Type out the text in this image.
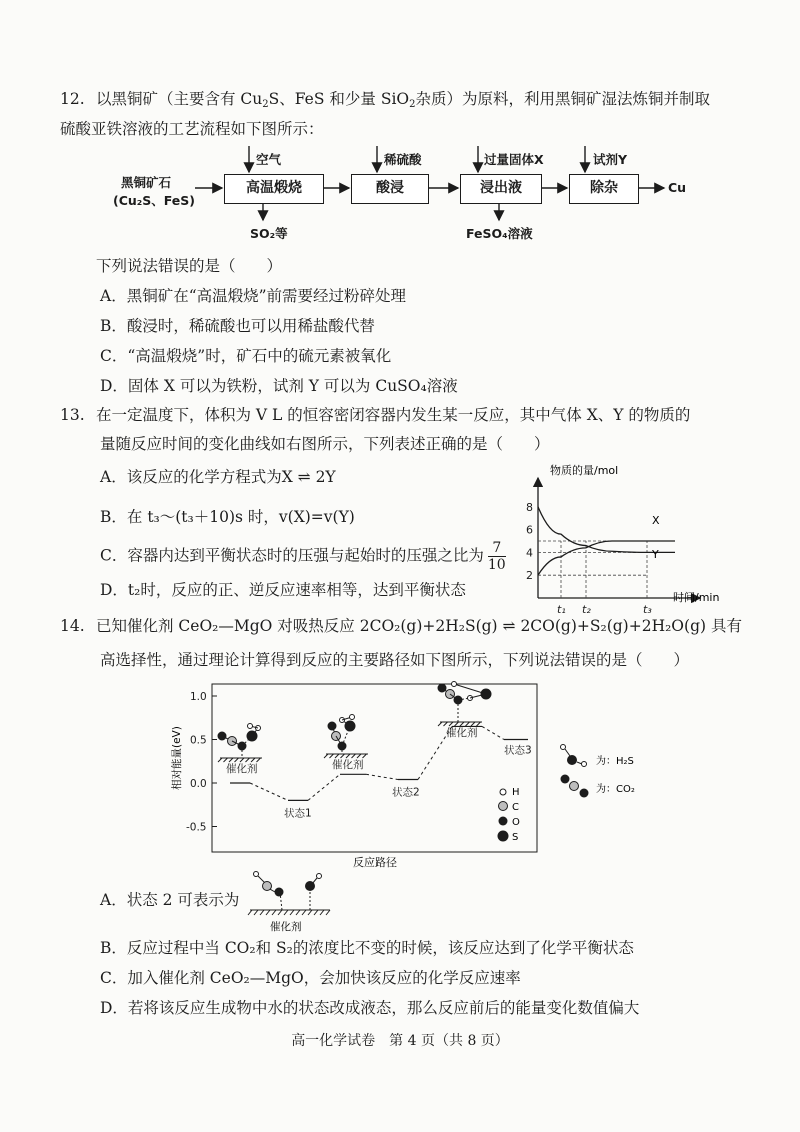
12. 以黑铜矿（主要含有 $Cu_2S$、FeS 和少量 SiO$_2$杂质）为原料，利用黑铜矿湿法炼铜并制取
硫酸亚铁溶液的工艺流程如下图所示：
黑铜矿石
(Cu₂S、FeS)
高温煅烧	酸浸	浸出液	除杂	Cu
空气	稀硫酸	过量固体X	试剂Y
SO₂等	FeSO₄溶液
下列说法错误的是（　　）
A．黑铜矿在“高温煅烧”前需要经过粉碎处理
B．酸浸时，稀硫酸也可以用稀盐酸代替
C．“高温煅烧”时，矿石中的硫元素被氧化
D．固体 X 可以为铁粉，试剂 Y 可以为 CuSO₄溶液
13. 在一定温度下，体积为 V L 的恒容密闭容器内发生某一反应，其中气体 X、Y 的物质的
量随反应时间的变化曲线如右图所示，下列表述正确的是（　　）
A．该反应的化学方程式为X ⇌ 2Y
B．在 t₃～(t₃＋10)s 时，v(X)=v(Y)
C．容器内达到平衡状态时的压强与起始时的压强之比为 $\frac{7}{10}$
D．t₂时，反应的正、逆反应速率相等，达到平衡状态
物质的量/mol
时间/min
2
4
6
8
t₁ t₂	t₃
X
Y
14. 已知催化剂 CeO₂—MgO 对吸热反应 2CO₂(g)+2H₂S(g) ⇌ 2CO(g)+S₂(g)+2H₂O(g) 具有
高选择性，通过理论计算得到反应的主要路径如下图所示，下列说法错误的是（　　）
1.0
0.5
0.0
-0.5
相对能量(eV)
反应路径
状态1
状态2
状态3
催化剂	催化剂
催化剂
H
C
O
S
为：H₂S
为：CO₂
A．状态 2 可表示为
催化剂
B．反应过程中当 CO₂和 S₂的浓度比不变的时候，该反应达到了化学平衡状态
C．加入催化剂 CeO₂—MgO，会加快该反应的化学反应速率
D．若将该反应生成物中水的状态改成液态，那么反应前后的能量变化数值偏大
高一化学试卷　第 4 页（共 8 页）
